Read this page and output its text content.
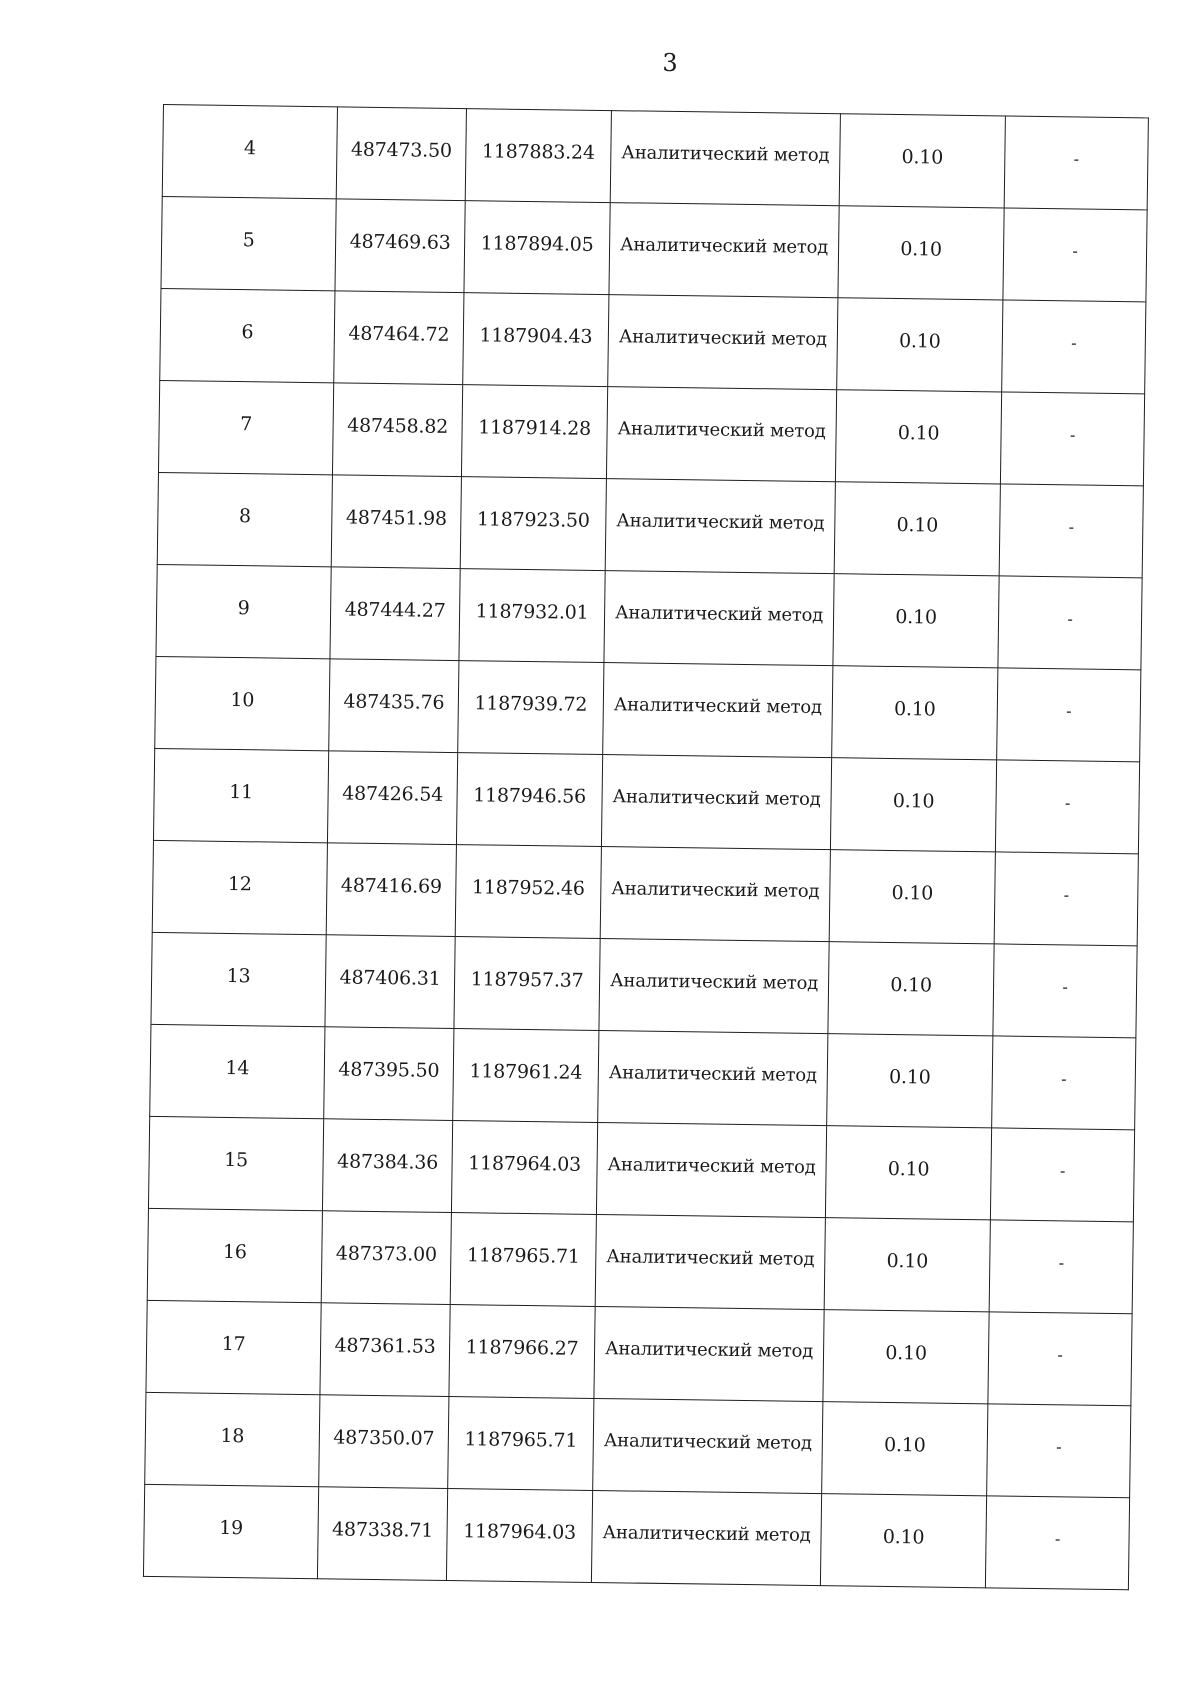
3
4	487473.50	1187883.24	Аналитический метод	0.10	-
5	487469.63	1187894.05	Аналитический метод	0.10	-
6	487464.72	1187904.43	Аналитический метод	0.10	-
7	487458.82	1187914.28	Аналитический метод	0.10	-
8	487451.98	1187923.50	Аналитический метод	0.10	-
9	487444.27	1187932.01	Аналитический метод	0.10	-
10	487435.76	1187939.72	Аналитический метод	0.10	-
11	487426.54	1187946.56	Аналитический метод	0.10	-
12	487416.69	1187952.46	Аналитический метод	0.10	-
13	487406.31	1187957.37	Аналитический метод	0.10	-
14	487395.50	1187961.24	Аналитический метод	0.10	-
15	487384.36	1187964.03	Аналитический метод	0.10	-
16	487373.00	1187965.71	Аналитический метод	0.10	-
17	487361.53	1187966.27	Аналитический метод	0.10	-
18	487350.07	1187965.71	Аналитический метод	0.10	-
19	487338.71	1187964.03	Аналитический метод	0.10	-
